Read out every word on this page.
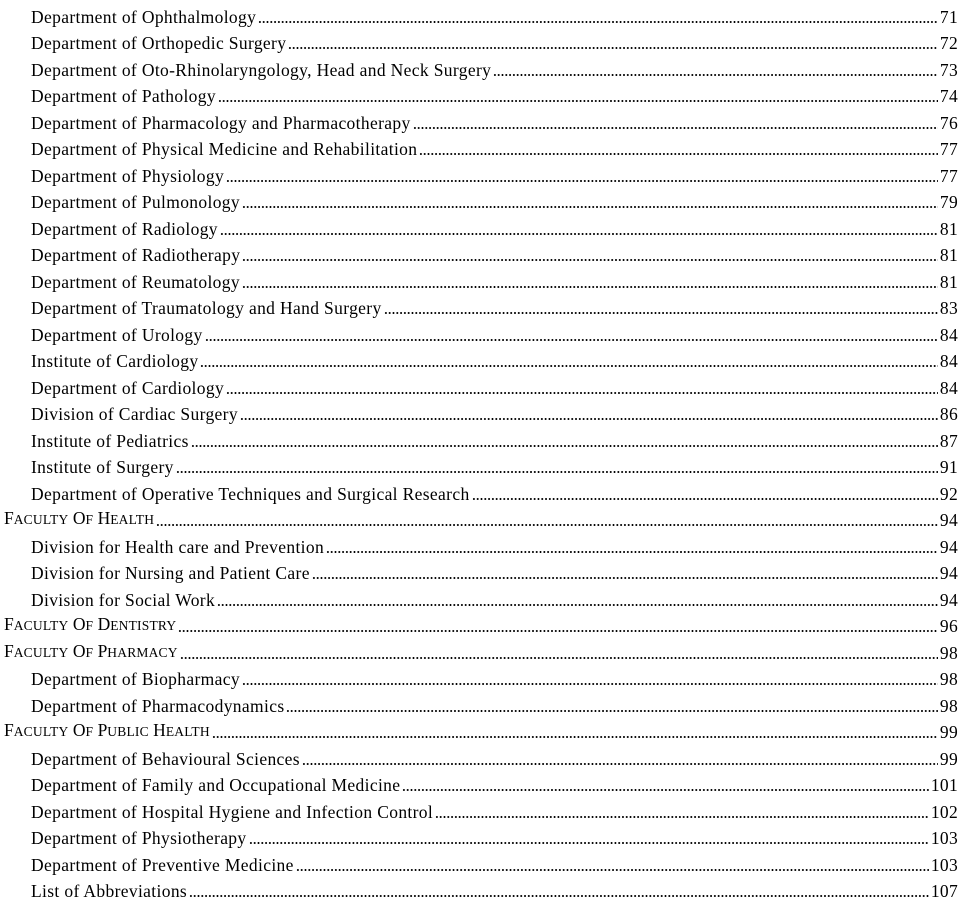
Department of Ophthalmology	71
Department of Orthopedic Surgery	72
Department of Oto-Rhinolaryngology, Head and Neck Surgery	73
Department of Pathology	74
Department of Pharmacology and Pharmacotherapy	76
Department of Physical Medicine and Rehabilitation	77
Department of Physiology	77
Department of Pulmonology	79
Department of Radiology	81
Department of Radiotherapy	81
Department of Reumatology	81
Department of Traumatology and Hand Surgery	83
Department of Urology	84
Institute of Cardiology	84
Department of Cardiology	84
Division of Cardiac Surgery	86
Institute of Pediatrics	87
Institute of Surgery	91
Department of Operative Techniques and Surgical Research	92
FACULTY OF HEALTH	94
Division for Health care and Prevention	94
Division for Nursing and Patient Care	94
Division for Social Work	94
FACULTY OF DENTISTRY	96
FACULTY OF PHARMACY	98
Department of Biopharmacy	98
Department of Pharmacodynamics	98
FACULTY OF PUBLIC HEALTH	99
Department of Behavioural Sciences	99
Department of Family and Occupational Medicine	101
Department of Hospital Hygiene and Infection Control	102
Department of Physiotherapy	103
Department of Preventive Medicine	103
List of Abbreviations	107
